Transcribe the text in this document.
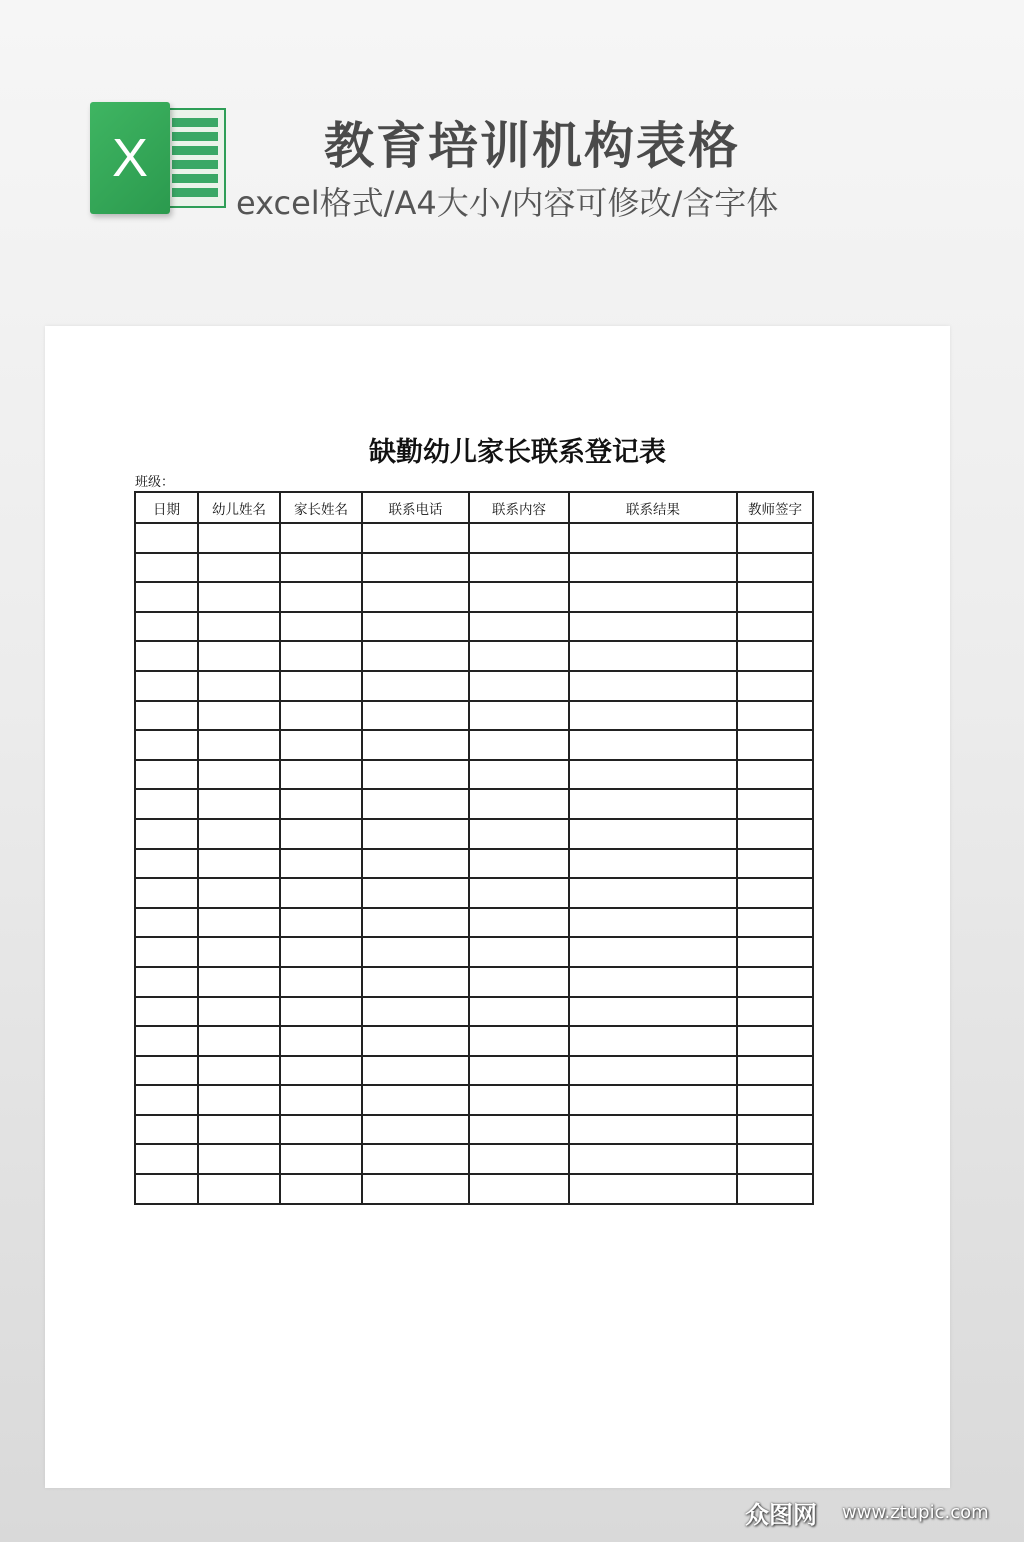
X	教育培训机构表格
excel格式/A4大小/内容可修改/含字体
缺勤幼儿家长联系登记表
班级：
日期	幼儿姓名	家长姓名	联系电话	联系内容	联系结果	教师签字

众图网 www.ztupic.com
